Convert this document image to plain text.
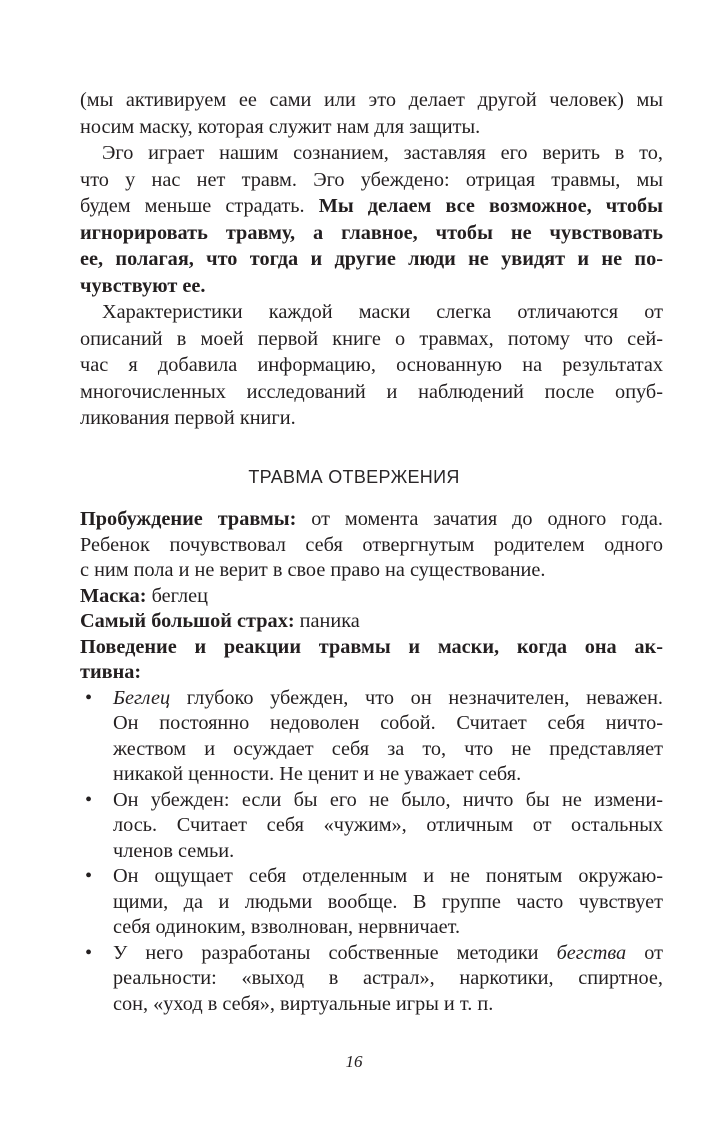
(мы активируем ее сами или это делает другой человек) мы
носим маску, которая служит нам для защиты.
Эго играет нашим сознанием, заставляя его верить в то,
что у нас нет травм. Эго убеждено: отрицая травмы, мы
будем меньше страдать. Мы делаем все возможное, чтобы
игнорировать травму, а главное, чтобы не чувствовать
ее, полагая, что тогда и другие люди не увидят и не по-
чувствуют ее.
Характеристики каждой маски слегка отличаются от
описаний в моей первой книге о травмах, потому что сей-
час я добавила информацию, основанную на результатах
многочисленных исследований и наблюдений после опуб-
ликования первой книги.
ТРАВМА ОТВЕРЖЕНИЯ
Пробуждение травмы: от момента зачатия до одного года.
Ребенок почувствовал себя отвергнутым родителем одного
с ним пола и не верит в свое право на существование.
Маска: беглец
Самый большой страх: паника
Поведение и реакции травмы и маски, когда она ак-
тивна:
• Беглец глубоко убежден, что он незначителен, неважен.
Он постоянно недоволен собой. Считает себя ничто-
жеством и осуждает себя за то, что не представляет
никакой ценности. Не ценит и не уважает себя.
• Он убежден: если бы его не было, ничто бы не измени-
лось. Считает себя «чужим», отличным от остальных
членов семьи.
• Он ощущает себя отделенным и не понятым окружаю-
щими, да и людьми вообще. В группе часто чувствует
себя одиноким, взволнован, нервничает.
• У него разработаны собственные методики бегства от
реальности: «выход в астрал», наркотики, спиртное,
сон, «уход в себя», виртуальные игры и т. п.
16
